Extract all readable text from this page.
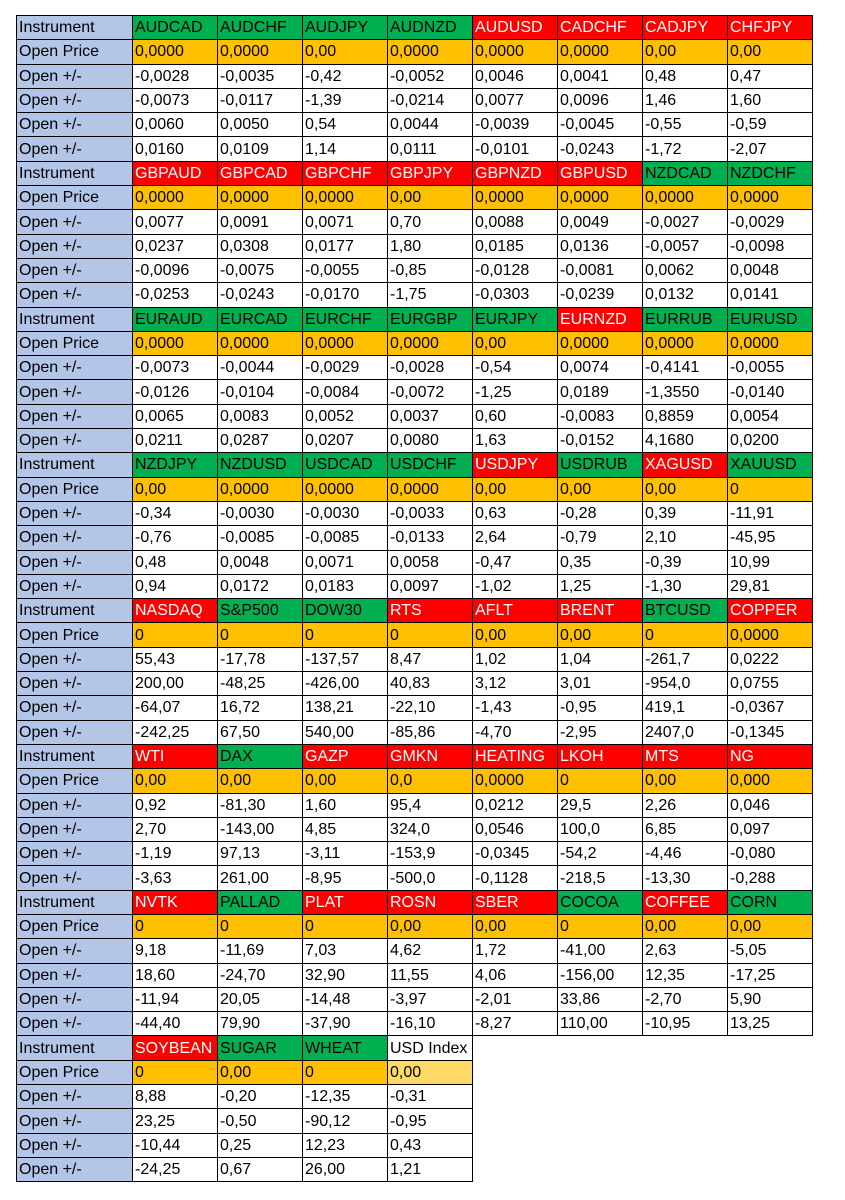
Instrument	AUDCAD	AUDCHF	AUDJPY	AUDNZD	AUDUSD	CADCHF	CADJPY	CHFJPY
Open Price	0,0000	0,0000	0,00	0,0000	0,0000	0,0000	0,00	0,00
Open +/-	-0,0028	-0,0035	-0,42	-0,0052	0,0046	0,0041	0,48	0,47
Open +/-	-0,0073	-0,0117	-1,39	-0,0214	0,0077	0,0096	1,46	1,60
Open +/-	0,0060	0,0050	0,54	0,0044	-0,0039	-0,0045	-0,55	-0,59
Open +/-	0,0160	0,0109	1,14	0,0111	-0,0101	-0,0243	-1,72	-2,07
Instrument	GBPAUD	GBPCAD	GBPCHF	GBPJPY	GBPNZD	GBPUSD	NZDCAD	NZDCHF
Open Price	0,0000	0,0000	0,0000	0,00	0,0000	0,0000	0,0000	0,0000
Open +/-	0,0077	0,0091	0,0071	0,70	0,0088	0,0049	-0,0027	-0,0029
Open +/-	0,0237	0,0308	0,0177	1,80	0,0185	0,0136	-0,0057	-0,0098
Open +/-	-0,0096	-0,0075	-0,0055	-0,85	-0,0128	-0,0081	0,0062	0,0048
Open +/-	-0,0253	-0,0243	-0,0170	-1,75	-0,0303	-0,0239	0,0132	0,0141
Instrument	EURAUD	EURCAD	EURCHF	EURGBP	EURJPY	EURNZD	EURRUB	EURUSD
Open Price	0,0000	0,0000	0,0000	0,0000	0,00	0,0000	0,0000	0,0000
Open +/-	-0,0073	-0,0044	-0,0029	-0,0028	-0,54	0,0074	-0,4141	-0,0055
Open +/-	-0,0126	-0,0104	-0,0084	-0,0072	-1,25	0,0189	-1,3550	-0,0140
Open +/-	0,0065	0,0083	0,0052	0,0037	0,60	-0,0083	0,8859	0,0054
Open +/-	0,0211	0,0287	0,0207	0,0080	1,63	-0,0152	4,1680	0,0200
Instrument	NZDJPY	NZDUSD	USDCAD	USDCHF	USDJPY	USDRUB	XAGUSD	XAUUSD
Open Price	0,00	0,0000	0,0000	0,0000	0,00	0,00	0,00	0
Open +/-	-0,34	-0,0030	-0,0030	-0,0033	0,63	-0,28	0,39	-11,91
Open +/-	-0,76	-0,0085	-0,0085	-0,0133	2,64	-0,79	2,10	-45,95
Open +/-	0,48	0,0048	0,0071	0,0058	-0,47	0,35	-0,39	10,99
Open +/-	0,94	0,0172	0,0183	0,0097	-1,02	1,25	-1,30	29,81
Instrument	NASDAQ	S&P500	DOW30	RTS	AFLT	BRENT	BTCUSD	COPPER
Open Price	0	0	0	0	0,00	0,00	0	0,0000
Open +/-	55,43	-17,78	-137,57	8,47	1,02	1,04	-261,7	0,0222
Open +/-	200,00	-48,25	-426,00	40,83	3,12	3,01	-954,0	0,0755
Open +/-	-64,07	16,72	138,21	-22,10	-1,43	-0,95	419,1	-0,0367
Open +/-	-242,25	67,50	540,00	-85,86	-4,70	-2,95	2407,0	-0,1345
Instrument	WTI	DAX	GAZP	GMKN	HEATING	LKOH	MTS	NG
Open Price	0,00	0,00	0,00	0,0	0,0000	0	0,00	0,000
Open +/-	0,92	-81,30	1,60	95,4	0,0212	29,5	2,26	0,046
Open +/-	2,70	-143,00	4,85	324,0	0,0546	100,0	6,85	0,097
Open +/-	-1,19	97,13	-3,11	-153,9	-0,0345	-54,2	-4,46	-0,080
Open +/-	-3,63	261,00	-8,95	-500,0	-0,1128	-218,5	-13,30	-0,288
Instrument	NVTK	PALLAD	PLAT	ROSN	SBER	COCOA	COFFEE	CORN
Open Price	0	0	0	0,00	0,00	0	0,00	0,00
Open +/-	9,18	-11,69	7,03	4,62	1,72	-41,00	2,63	-5,05
Open +/-	18,60	-24,70	32,90	11,55	4,06	-156,00	12,35	-17,25
Open +/-	-11,94	20,05	-14,48	-3,97	-2,01	33,86	-2,70	5,90
Open +/-	-44,40	79,90	-37,90	-16,10	-8,27	110,00	-10,95	13,25
Instrument	SOYBEAN	SUGAR	WHEAT	USD Index				
Open Price	0	0,00	0	0,00				
Open +/-	8,88	-0,20	-12,35	-0,31				
Open +/-	23,25	-0,50	-90,12	-0,95				
Open +/-	-10,44	0,25	12,23	0,43				
Open +/-	-24,25	0,67	26,00	1,21				
